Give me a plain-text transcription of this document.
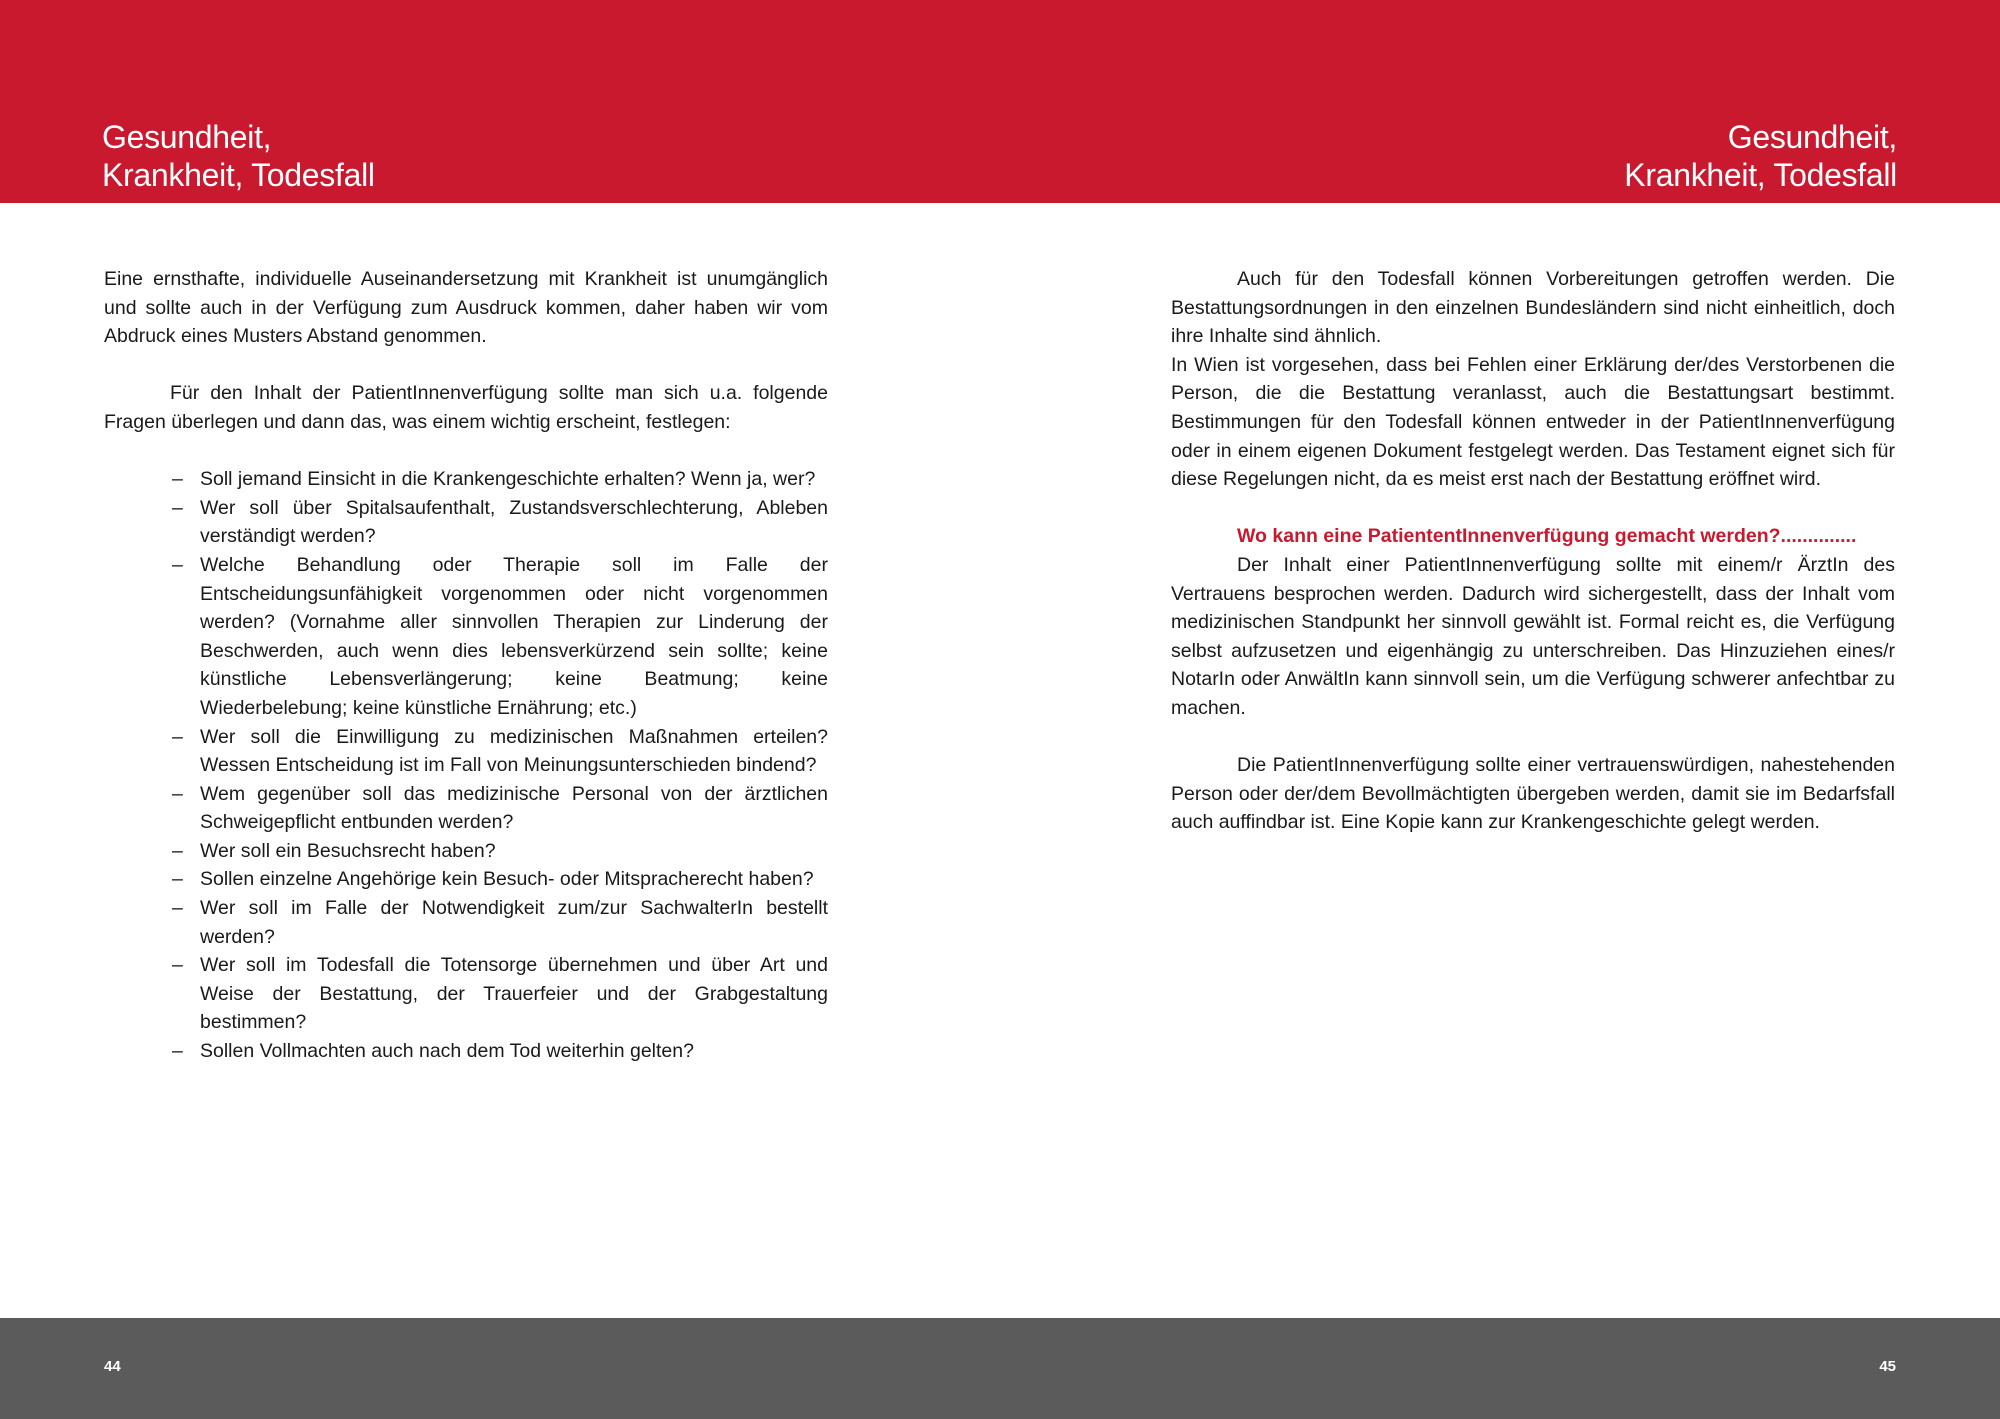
Gesundheit,
Krankheit, Todesfall
Gesundheit,
Krankheit, Todesfall

Eine ernsthafte, individuelle Auseinandersetzung mit Krankheit ist unumgänglich und sollte auch in der Verfügung zum Ausdruck kommen, daher haben wir vom Abdruck eines Musters Abstand genommen.

Für den Inhalt der PatientInnenverfügung sollte man sich u.a. folgende Fragen überlegen und dann das, was einem wichtig erscheint, festlegen:

– Soll jemand Einsicht in die Krankengeschichte erhalten? Wenn ja, wer?
– Wer soll über Spitalsaufenthalt, Zustandsverschlechterung, Ableben verständigt werden?
– Welche Behandlung oder Therapie soll im Falle der Entscheidungsunfähigkeit vorgenommen oder nicht vorgenommen werden? (Vornahme aller sinnvollen Therapien zur Linderung der Beschwerden, auch wenn dies lebensverkürzend sein sollte; keine künstliche Lebensverlängerung; keine Beatmung; keine Wiederbelebung; keine künstliche Ernährung; etc.)
– Wer soll die Einwilligung zu medizinischen Maßnahmen erteilen? Wessen Entscheidung ist im Fall von Meinungsunterschieden bindend?
– Wem gegenüber soll das medizinische Personal von der ärztlichen Schweigepflicht entbunden werden?
– Wer soll ein Besuchsrecht haben?
– Sollen einzelne Angehörige kein Besuch- oder Mitspracherecht haben?
– Wer soll im Falle der Notwendigkeit zum/zur SachwalterIn bestellt werden?
– Wer soll im Todesfall die Totensorge übernehmen und über Art und Weise der Bestattung, der Trauerfeier und der Grabgestaltung bestimmen?
– Sollen Vollmachten auch nach dem Tod weiterhin gelten?

Auch für den Todesfall können Vorbereitungen getroffen werden. Die Bestattungsordnungen in den einzelnen Bundesländern sind nicht einheitlich, doch ihre Inhalte sind ähnlich.

In Wien ist vorgesehen, dass bei Fehlen einer Erklärung der/des Verstorbenen die Person, die die Bestattung veranlasst, auch die Bestattungsart bestimmt. Bestimmungen für den Todesfall können entweder in der PatientInnenverfügung oder in einem eigenen Dokument festgelegt werden. Das Testament eignet sich für diese Regelungen nicht, da es meist erst nach der Bestattung eröffnet wird.

Wo kann eine PatiententInnenverfügung gemacht werden?..............

Der Inhalt einer PatientInnenverfügung sollte mit einem/r ÄrztIn des Vertrauens besprochen werden. Dadurch wird sichergestellt, dass der Inhalt vom medizinischen Standpunkt her sinnvoll gewählt ist. Formal reicht es, die Verfügung selbst aufzusetzen und eigenhängig zu unterschreiben. Das Hinzuziehen eines/r NotarIn oder AnwältIn kann sinnvoll sein, um die Verfügung schwerer anfechtbar zu machen.

Die PatientInnenverfügung sollte einer vertrauenswürdigen, nahestehenden Person oder der/dem Bevollmächtigten übergeben werden, damit sie im Bedarfsfall auch auffindbar ist. Eine Kopie kann zur Krankengeschichte gelegt werden.

44	45
